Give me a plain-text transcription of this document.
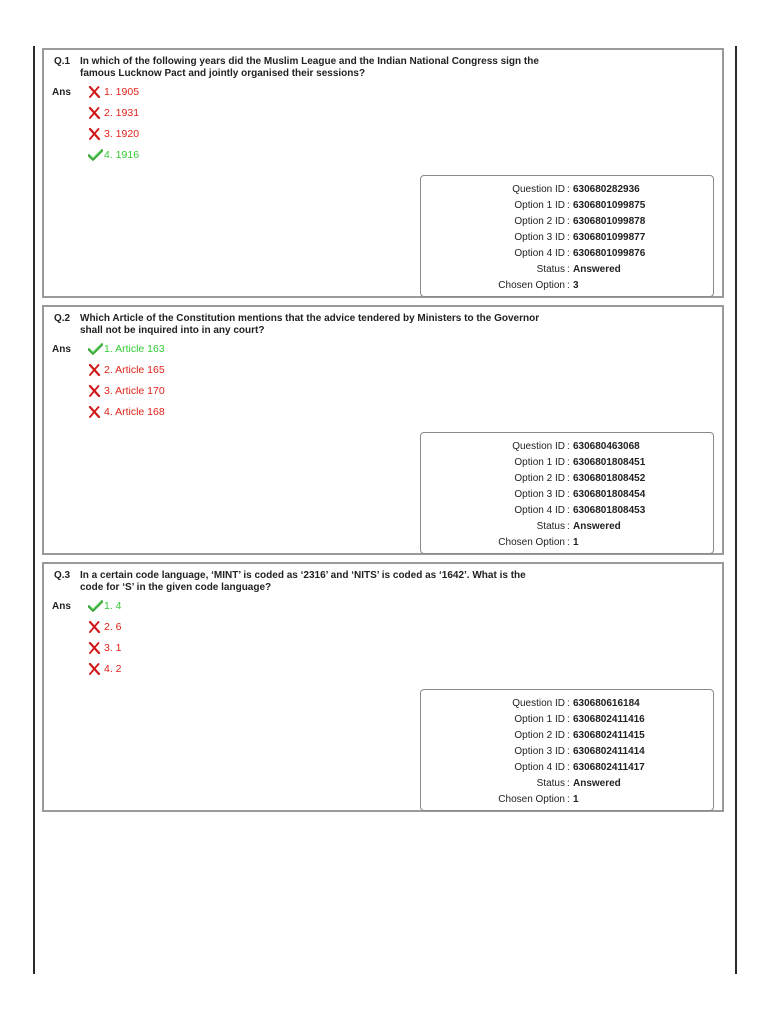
Q.1 In which of the following years did the Muslim League and the Indian National Congress sign the famous Lucknow Pact and jointly organised their sessions?
Ans	1. 1905
2. 1931
3. 1920
4. 1916
Question ID : 630680282936
Option 1 ID : 6306801099875
Option 2 ID : 6306801099878
Option 3 ID : 6306801099877
Option 4 ID : 6306801099876
Status : Answered
Chosen Option : 3
Q.2 Which Article of the Constitution mentions that the advice tendered by Ministers to the Governor shall not be inquired into in any court?
Ans	1. Article 163
2. Article 165
3. Article 170
4. Article 168
Question ID : 630680463068
Option 1 ID : 6306801808451
Option 2 ID : 6306801808452
Option 3 ID : 6306801808454
Option 4 ID : 6306801808453
Status : Answered
Chosen Option : 1
Q.3 In a certain code language, ‘MINT’ is coded as ‘2316’ and ‘NITS’ is coded as ‘1642’. What is the code for ‘S’ in the given code language?
Ans	1. 4
2. 6
3. 1
4. 2
Question ID : 630680616184
Option 1 ID : 6306802411416
Option 2 ID : 6306802411415
Option 3 ID : 6306802411414
Option 4 ID : 6306802411417
Status : Answered
Chosen Option : 1
